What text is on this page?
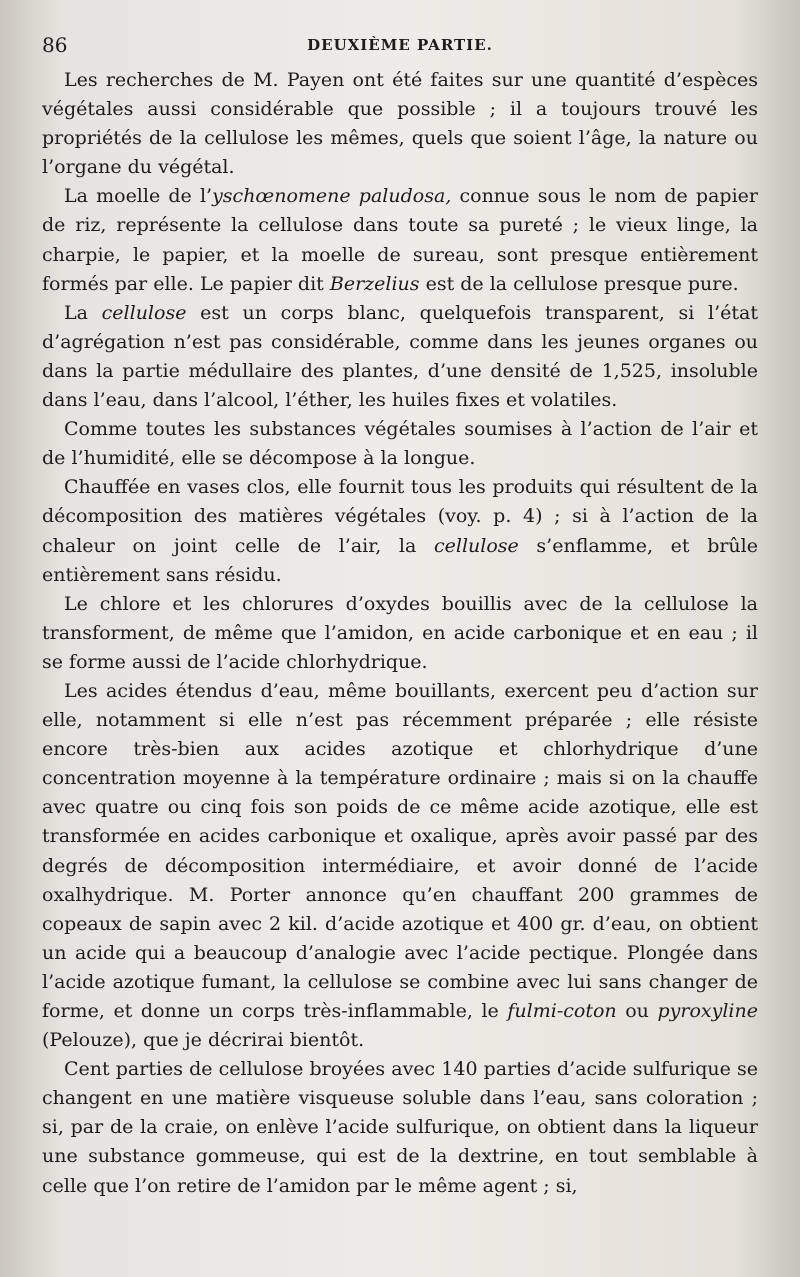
86	DEUXIÈME PARTIE.

Les recherches de M. Payen ont été faites sur une quantité d’espèces végétales aussi considérable que possible ; il a toujours trouvé les propriétés de la cellulose les mêmes, quels que soient l’âge, la nature ou l’organe du végétal.

La moelle de l’yschœnomene paludosa, connue sous le nom de papier de riz, représente la cellulose dans toute sa pureté ; le vieux linge, la charpie, le papier, et la moelle de sureau, sont presque entièrement formés par elle. Le papier dit Berzelius est de la cellulose presque pure.

La cellulose est un corps blanc, quelquefois transparent, si l’état d’agrégation n’est pas considérable, comme dans les jeunes organes ou dans la partie médullaire des plantes, d’une densité de 1,525, insoluble dans l’eau, dans l’alcool, l’éther, les huiles fixes et volatiles.

Comme toutes les substances végétales soumises à l’action de l’air et de l’humidité, elle se décompose à la longue.

Chauffée en vases clos, elle fournit tous les produits qui résultent de la décomposition des matières végétales (voy. p. 4) ; si à l’action de la chaleur on joint celle de l’air, la cellulose s’enflamme, et brûle entièrement sans résidu.

Le chlore et les chlorures d’oxydes bouillis avec de la cellulose la transforment, de même que l’amidon, en acide carbonique et en eau ; il se forme aussi de l’acide chlorhydrique.

Les acides étendus d’eau, même bouillants, exercent peu d’action sur elle, notamment si elle n’est pas récemment préparée ; elle résiste encore très-bien aux acides azotique et chlorhydrique d’une concentration moyenne à la température ordinaire ; mais si on la chauffe avec quatre ou cinq fois son poids de ce même acide azotique, elle est transformée en acides carbonique et oxalique, après avoir passé par des degrés de décomposition intermédiaire, et avoir donné de l’acide oxalhydrique. M. Porter annonce qu’en chauffant 200 grammes de copeaux de sapin avec 2 kil. d’acide azotique et 400 gr. d’eau, on obtient un acide qui a beaucoup d’analogie avec l’acide pectique. Plongée dans l’acide azotique fumant, la cellulose se combine avec lui sans changer de forme, et donne un corps très-inflammable, le fulmi-coton ou pyroxyline (Pelouze), que je décrirai bientôt.

Cent parties de cellulose broyées avec 140 parties d’acide sulfurique se changent en une matière visqueuse soluble dans l’eau, sans coloration ; si, par de la craie, on enlève l’acide sulfurique, on obtient dans la liqueur une substance gommeuse, qui est de la dextrine, en tout semblable à celle que l’on retire de l’amidon par le même agent ; si,
